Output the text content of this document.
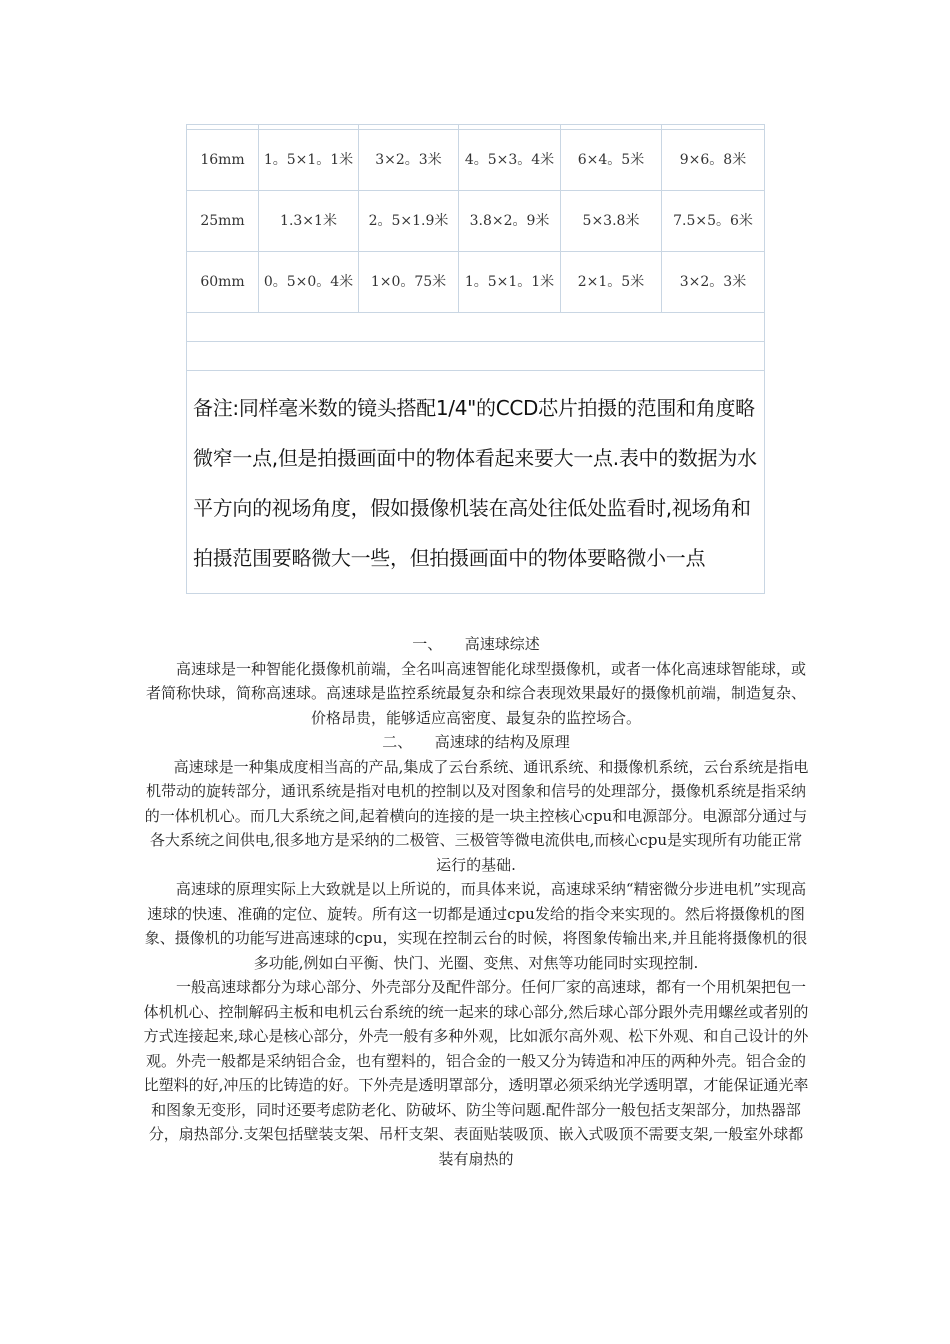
16mm	1。5×1。1米	3×2。3米	4。5×3。4米	6×4。5米	9×6。8米
25mm	1.3×1米	2。5×1.9米	3.8×2。9米	5×3.8米	7.5×5。6米
60mm	0。5×0。4米	1×0。75米	1。5×1。1米	2×1。5米	3×2。3米

备注:同样毫米数的镜头搭配1/4"的CCD芯片拍摄的范围和角度略微窄一点,但是拍摄画面中的物体看起来要大一点.表中的数据为水平方向的视场角度，假如摄像机装在高处往低处监看时,视场角和拍摄范围要略微大一些，但拍摄画面中的物体要略微小一点					
一、 高速球综述

高速球是一种智能化摄像机前端，全名叫高速智能化球型摄像机，或者一体化高速球智能球，或者简称快球，简称高速球。高速球是监控系统最复杂和综合表现效果最好的摄像机前端，制造复杂、价格昂贵，能够适应高密度、最复杂的监控场合。

二、 高速球的结构及原理

高速球是一种集成度相当高的产品,集成了云台系统、通讯系统、和摄像机系统，云台系统是指电机带动的旋转部分，通讯系统是指对电机的控制以及对图象和信号的处理部分，摄像机系统是指采纳的一体机机心。而几大系统之间,起着横向的连接的是一块主控核心cpu和电源部分。电源部分通过与各大系统之间供电,很多地方是采纳的二极管、三极管等微电流供电,而核心cpu是实现所有功能正常运行的基础.

高速球的原理实际上大致就是以上所说的，而具体来说，高速球采纳“精密微分步进电机”实现高速球的快速、准确的定位、旋转。所有这一切都是通过cpu发给的指令来实现的。然后将摄像机的图象、摄像机的功能写进高速球的cpu，实现在控制云台的时候，将图象传输出来,并且能将摄像机的很多功能,例如白平衡、快门、光圈、变焦、对焦等功能同时实现控制.

一般高速球都分为球心部分、外壳部分及配件部分。任何厂家的高速球，都有一个用机架把包一体机机心、控制解码主板和电机云台系统的统一起来的球心部分,然后球心部分跟外壳用螺丝或者别的方式连接起来,球心是核心部分，外壳一般有多种外观，比如派尔高外观、松下外观、和自己设计的外观。外壳一般都是采纳铝合金，也有塑料的，铝合金的一般又分为铸造和冲压的两种外壳。铝合金的比塑料的好,冲压的比铸造的好。下外壳是透明罩部分，透明罩必须采纳光学透明罩，才能保证通光率和图象无变形，同时还要考虑防老化、防破坏、防尘等问题.配件部分一般包括支架部分，加热器部分，扇热部分.支架包括壁装支架、吊杆支架、表面贴装吸顶、嵌入式吸顶不需要支架,一般室外球都装有扇热的
